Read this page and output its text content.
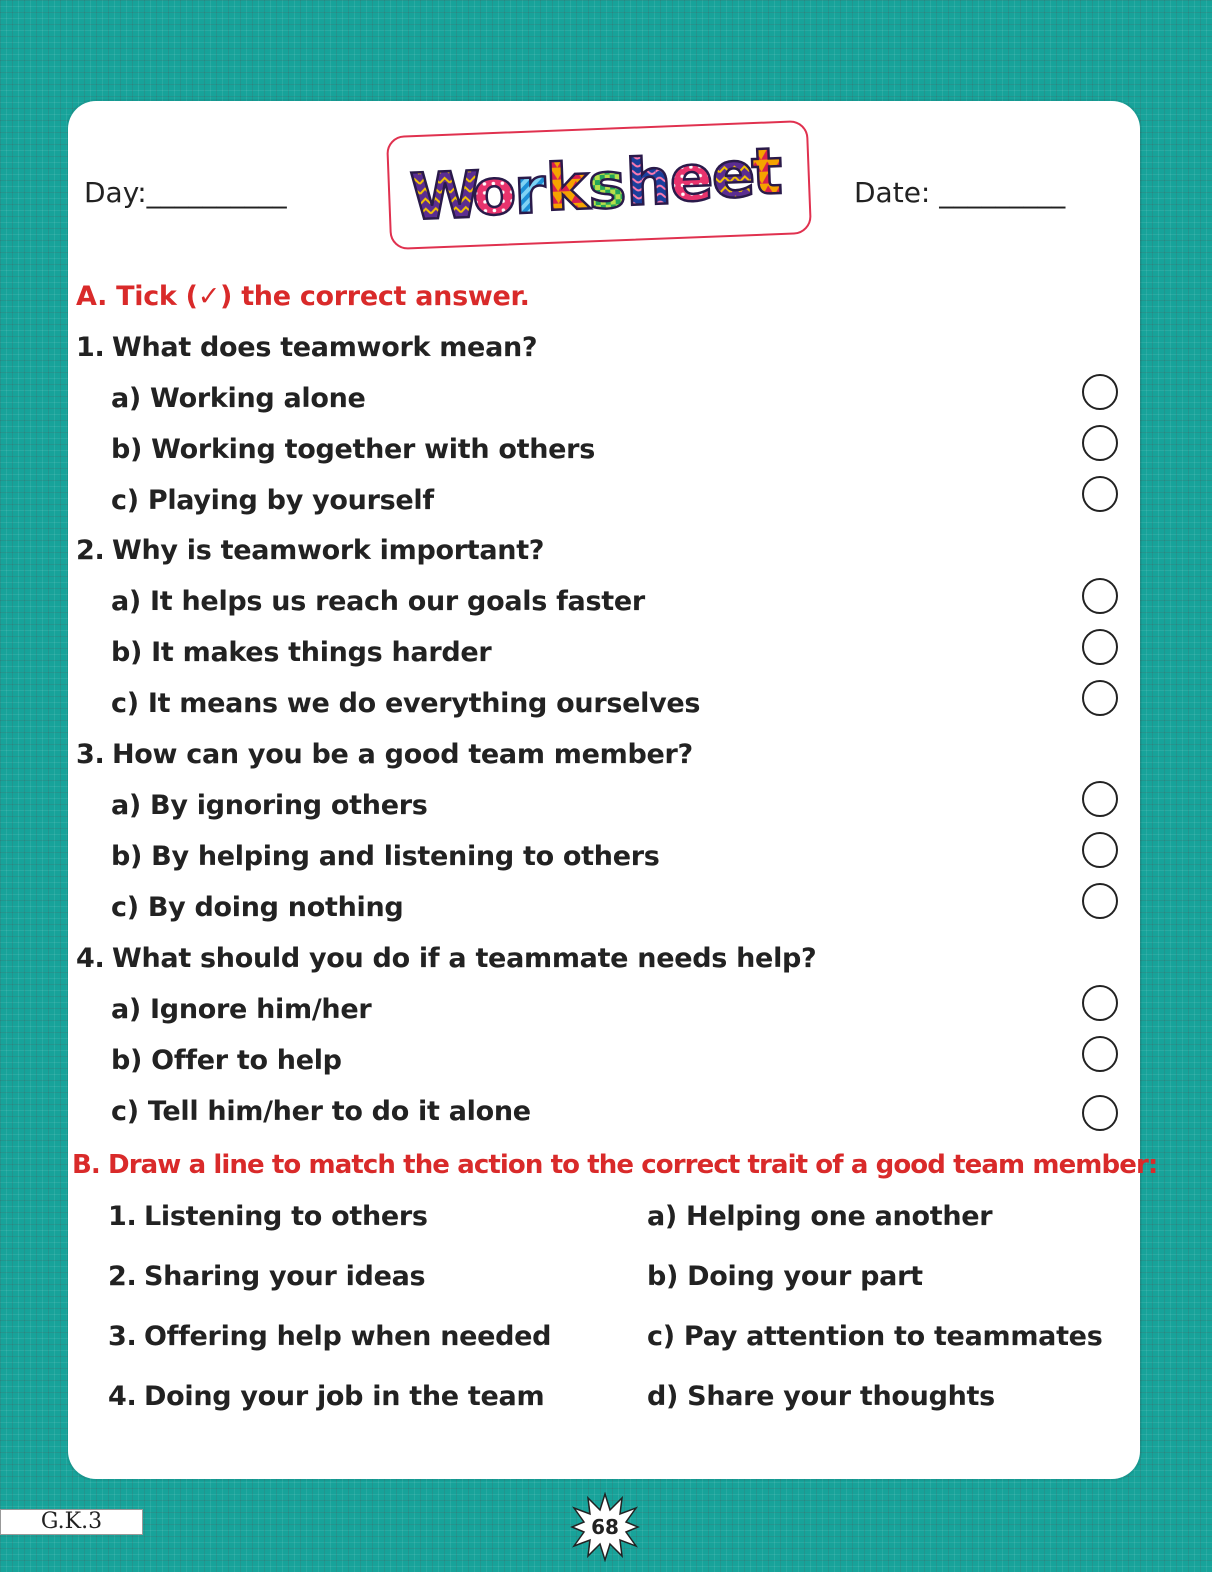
Day:__________	Date: _________
W
o
r
k
s
h
e
e
t
A. Tick (✓) the correct answer.
1. What does teamwork mean?
a) Working alone
b) Working together with others
c) Playing by yourself
2. Why is teamwork important?
a) It helps us reach our goals faster
b) It makes things harder
c) It means we do everything ourselves
3. How can you be a good team member?
a) By ignoring others
b) By helping and listening to others
c) By doing nothing
4. What should you do if a teammate needs help?
a) Ignore him/her
b) Offer to help
c) Tell him/her to do it alone
B. Draw a line to match the action to the correct trait of a good team member:
1. Listening to others
2. Sharing your ideas
3. Offering help when needed
4. Doing your job in the team
a) Helping one another
b) Doing your part
c) Pay attention to teammates
d) Share your thoughts
G.K.3	68
